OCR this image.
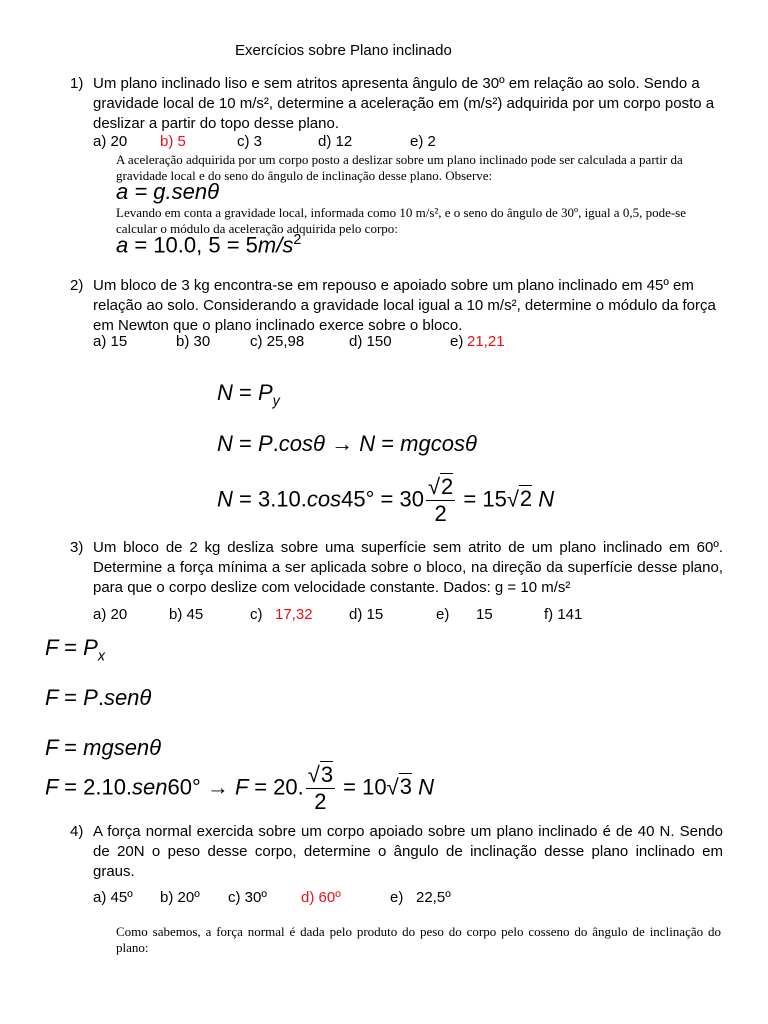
Exercícios sobre Plano inclinado
1) Um plano inclinado liso e sem atritos apresenta ângulo de 30º em relação ao solo. Sendo a gravidade local de 10 m/s², determine a aceleração em (m/s²) adquirida por um corpo posto a deslizar a partir do topo desse plano.
a) 20 b) 5	c) 3	d) 12	e) 2
A aceleração adquirida por um corpo posto a deslizar sobre um plano inclinado pode ser calculada a partir da gravidade local e do seno do ângulo de inclinação desse plano. Observe:
a = g.senθ
Levando em conta a gravidade local, informada como 10 m/s², e o seno do ângulo de 30º, igual a 0,5, pode-se calcular o módulo da aceleração adquirida pelo corpo:
a = 10.0, 5 = 5m/s$^2$
2) Um bloco de 3 kg encontra-se em repouso e apoiado sobre um plano inclinado em 45º em relação ao solo. Considerando a gravidade local igual a 10 m/s², determine o módulo da força em Newton que o plano inclinado exerce sobre o bloco.
a) 15	b) 30	c) 25,98	d) 150	e) 21,21
$N = P_y$
N = P.cosθ → N = mgcosθ
$N = 3.10.\cos 45^\circ = 30 \frac{√2}{2} = 15√2$ N
3) Um bloco de 2 kg desliza sobre uma superfície sem atrito de um plano inclinado em 60º. Determine a força mínima a ser aplicada sobre o bloco, na direção da superfície desse plano, para que o corpo deslize com velocidade constante. Dados: g = 10 m/s²
a) 20	b) 45	c) 17,32 d) 15	e) 15	f) 141
$F = P_x$
F = P.senθ
F = mgsenθ
F = 2.10.sen60° → F = 20. $\frac{√3}{2} = 10√3$ N
4) A força normal exercida sobre um corpo apoiado sobre um plano inclinado é de 40 N. Sendo de 20N o peso desse corpo, determine o ângulo de inclinação desse plano inclinado em graus.
a) 45º b) 20º c) 30º d) 60º	e) 22,5º
Como sabemos, a força normal é dada pelo produto do peso do corpo pelo cosseno do ângulo de inclinação do plano:
